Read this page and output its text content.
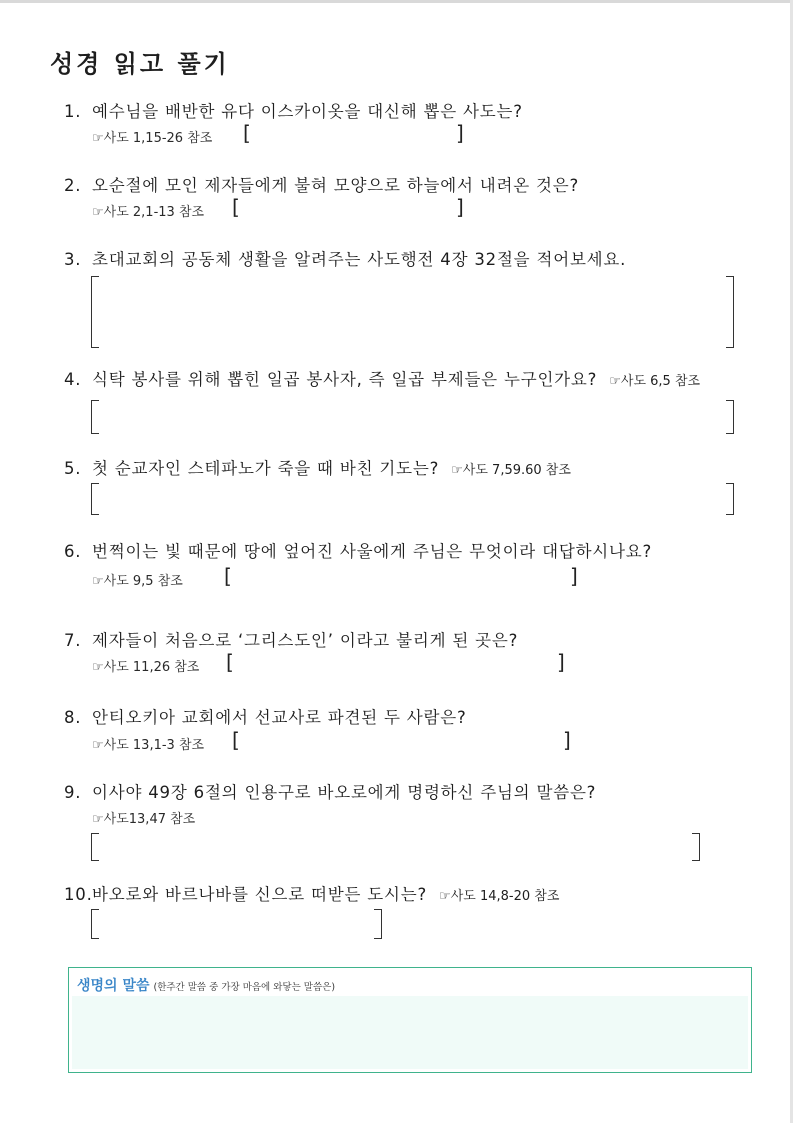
성경 읽고 풀기
1. 예수님을 배반한 유다 이스카이옷을 대신해 뽑은 사도는?
☞사도 1,15-26 참조 [	]
2. 오순절에 모인 제자들에게 불혀 모양으로 하늘에서 내려온 것은?
☞사도 2,1-13 참조 [	]
3. 초대교회의 공동체 생활을 알려주는 사도행전 4장 32절을 적어보세요.
4. 식탁 봉사를 위해 뽑힌 일곱 봉사자, 즉 일곱 부제들은 누구인가요? ☞사도 6,5 참조
5. 첫 순교자인 스테파노가 죽을 때 바친 기도는? ☞사도 7,59.60 참조
6. 번쩍이는 빛 때문에 땅에 엎어진 사울에게 주님은 무엇이라 대답하시나요?
☞사도 9,5 참조 [	]
7. 제자들이 처음으로 ‘그리스도인’ 이라고 불리게 된 곳은?
☞사도 11,26 참조 [	]
8. 안티오키아 교회에서 선교사로 파견된 두 사람은?
☞사도 13,1-3 참조 [	]
9. 이사야 49장 6절의 인용구로 바오로에게 명령하신 주님의 말씀은?
☞사도13,47 참조
10.바오로와 바르나바를 신으로 떠받든 도시는? ☞사도 14,8-20 참조
생명의 말씀 (한주간 말씀 중 가장 마음에 와닿는 말씀은)
